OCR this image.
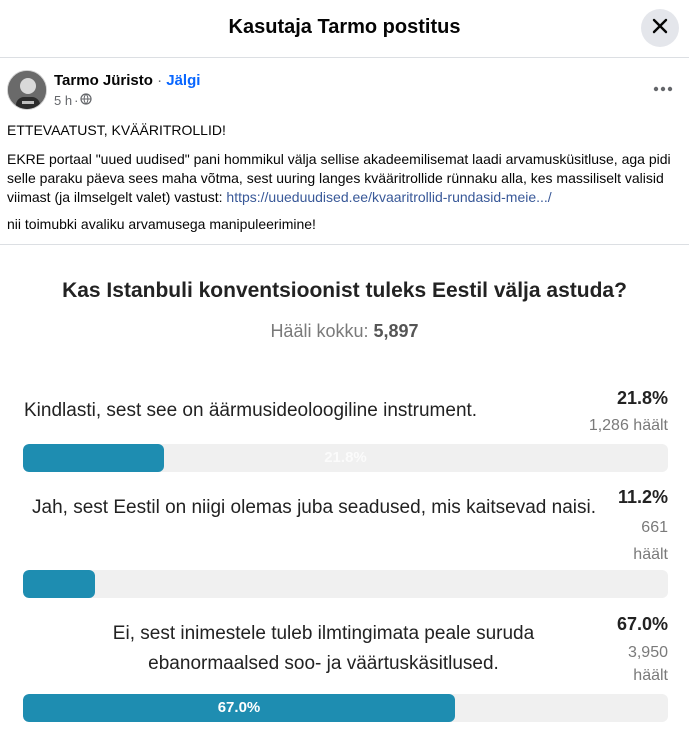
Kasutaja Tarmo postitus
Tarmo Jüristo · Jälgi
5 h ·

ETTEVAATUST, KVÄÄRITROLLID!

EKRE portaal "uued uudised" pani hommikul välja sellise akadeemilisemat laadi arvamusküsitluse, aga pidi selle paraku päeva sees maha võtma, sest uuring langes kvääritrollide rünnaku alla, kes massiliselt valisid viimast (ja ilmselgelt valet) vastust: https://uueduudised.ee/kvaaritrollid-rundasid-meie.../

nii toimubki avaliku arvamusega manipuleerimine!

Kas Istanbuli konventsioonist tuleks Eestil välja astuda?
Hääli kokku: 5,897
Kindlasti, sest see on äärmusideoloogiline instrument.
21.8%
1,286 häält
21.8%
Jah, sest Eestil on niigi olemas juba seadused, mis kaitsevad naisi.	11.2%
661
häält
Ei, sest inimestele tuleb ilmtingimata peale suruda ebanormaalsed soo- ja väärtuskäsitlused.
67.0%
3,950
häält
67.0%
